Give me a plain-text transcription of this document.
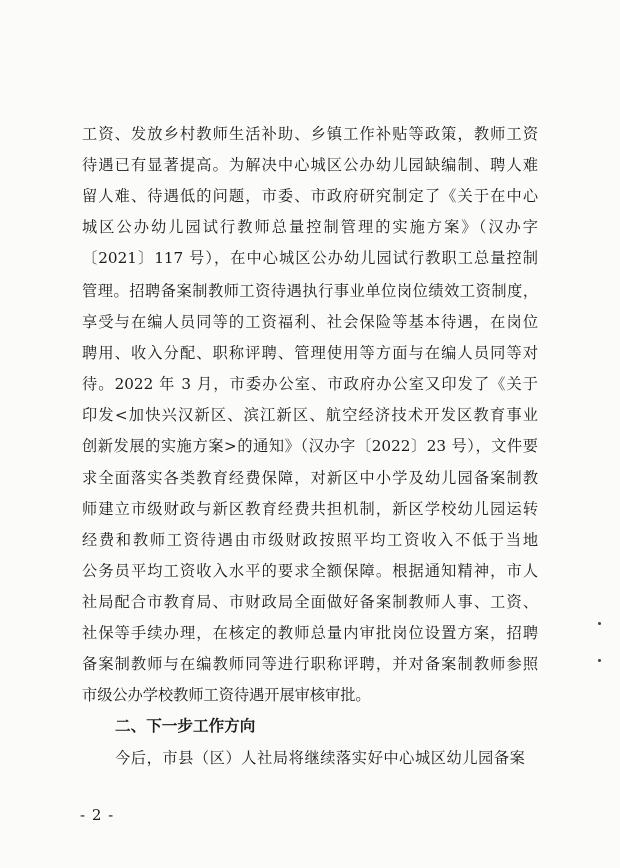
工资、发放乡村教师生活补助、乡镇工作补贴等政策，教师工资
待遇已有显著提高。为解决中心城区公办幼儿园缺编制、聘人难
留人难、待遇低的问题，市委、市政府研究制定了《关于在中心
城区公办幼儿园试行教师总量控制管理的实施方案》（汉办字
〔2021〕117 号），在中心城区公办幼儿园试行教职工总量控制
管理。招聘备案制教师工资待遇执行事业单位岗位绩效工资制度，
享受与在编人员同等的工资福利、社会保险等基本待遇，在岗位
聘用、收入分配、职称评聘、管理使用等方面与在编人员同等对
待。2022 年 3 月，市委办公室、市政府办公室又印发了《关于
印发<加快兴汉新区、滨江新区、航空经济技术开发区教育事业
创新发展的实施方案>的通知》（汉办字〔2022〕23 号），文件要
求全面落实各类教育经费保障，对新区中小学及幼儿园备案制教
师建立市级财政与新区教育经费共担机制，新区学校幼儿园运转
经费和教师工资待遇由市级财政按照平均工资收入不低于当地
公务员平均工资收入水平的要求全额保障。根据通知精神，市人
社局配合市教育局、市财政局全面做好备案制教师人事、工资、
社保等手续办理，在核定的教师总量内审批岗位设置方案，招聘
备案制教师与在编教师同等进行职称评聘，并对备案制教师参照
市级公办学校教师工资待遇开展审核审批。
二、下一步工作方向
今后，市县（区）人社局将继续落实好中心城区幼儿园备案
- 2 -
